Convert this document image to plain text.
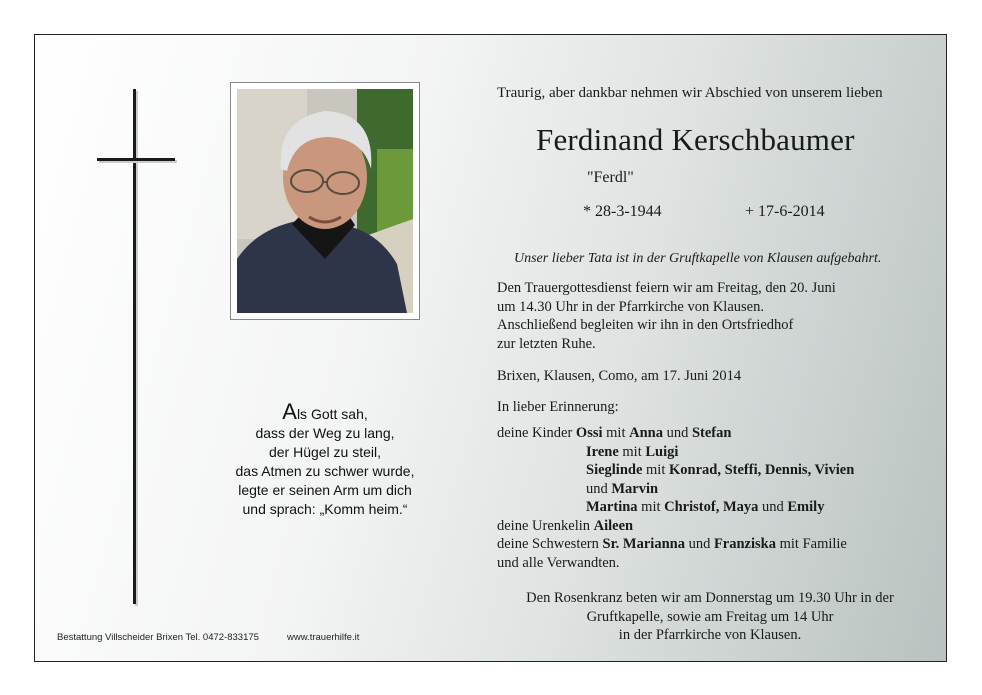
Als Gott sah,
dass der Weg zu lang,
der Hügel zu steil,
das Atmen zu schwer wurde,
legte er seinen Arm um dich
und sprach: „Komm heim.“
Bestattung Villscheider Brixen Tel. 0472-833175	www.trauerhilfe.it
Traurig, aber dankbar nehmen wir Abschied von unserem lieben
Ferdinand Kerschbaumer
"Ferdl"
* 28-3-1944	+ 17-6-2014
Unser lieber Tata ist in der Gruftkapelle von Klausen aufgebahrt.
Den Trauergottesdienst feiern wir am Freitag, den 20. Juni
um 14.30 Uhr in der Pfarrkirche von Klausen.
Anschließend begleiten wir ihn in den Ortsfriedhof
zur letzten Ruhe.
Brixen, Klausen, Como, am 17. Juni 2014
In lieber Erinnerung:
deine Kinder Ossi mit Anna und Stefan
Irene mit Luigi
Sieglinde mit Konrad, Steffi, Dennis, Vivien
und Marvin
Martina mit Christof, Maya und Emily
deine Urenkelin Aileen
deine Schwestern Sr. Marianna und Franziska mit Familie
und alle Verwandten.
Den Rosenkranz beten wir am Donnerstag um 19.30 Uhr in der
Gruftkapelle, sowie am Freitag um 14 Uhr
in der Pfarrkirche von Klausen.
